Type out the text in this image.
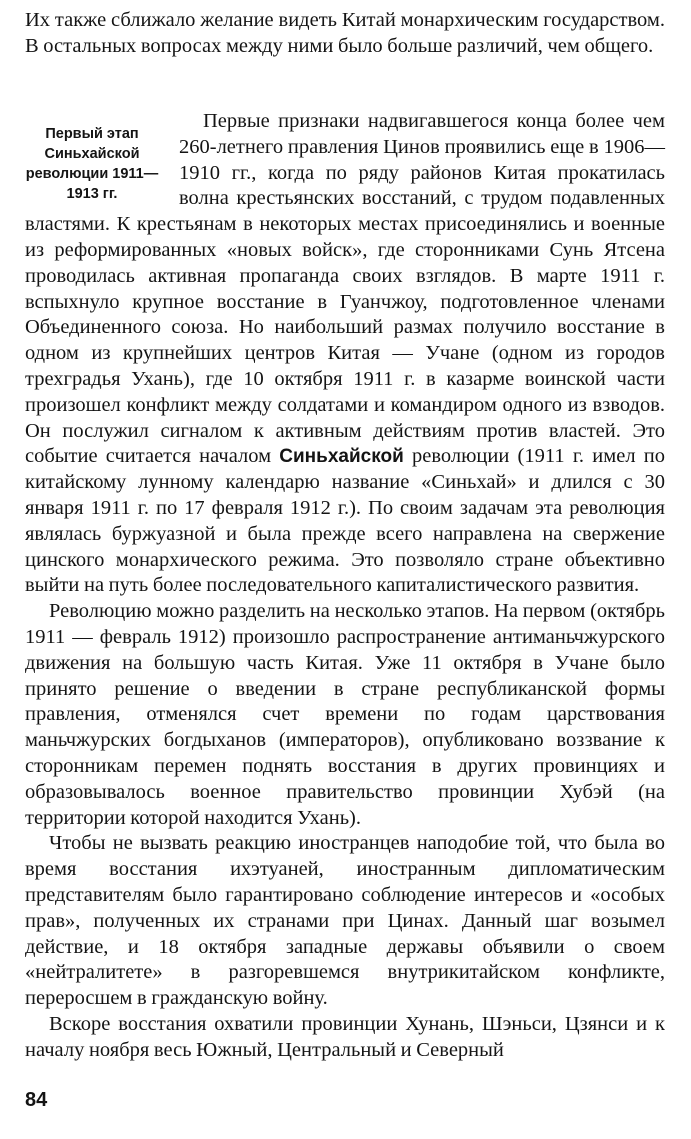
Их также сближало желание видеть Китай монархическим государством. В остальных вопросах между ними было больше различий, чем общего.

Первый этап Синьхайской революции 1911— 1913 гг.
Первые признаки надвигавшегося конца более чем 260-летнего правления Цинов проявились еще в 1906—1910 гг., когда по ряду районов Китая прокатилась волна крестьянских восстаний, с трудом подавленных властями. К крестьянам в некоторых местах присоединялись и военные из реформированных «новых войск», где сторонниками Сунь Ятсена проводилась активная пропаганда своих взглядов. В марте 1911 г. вспыхнуло крупное восстание в Гуанчжоу, подготовленное членами Объединенного союза. Но наибольший размах получило восстание в одном из крупнейших центров Китая — Учане (одном из городов трехградья Ухань), где 10 октября 1911 г. в казарме воинской части произошел конфликт между солдатами и командиром одного из взводов. Он послужил сигналом к активным действиям против властей. Это событие считается началом Синьхайской революции (1911 г. имел по китайскому лунному календарю название «Синьхай» и длился с 30 января 1911 г. по 17 февраля 1912 г.). По своим задачам эта революция являлась буржуазной и была прежде всего направлена на свержение цинского монархического режима. Это позволяло стране объективно выйти на путь более последовательного капиталистического развития.

Революцию можно разделить на несколько этапов. На первом (октябрь 1911 — февраль 1912) произошло распространение антиманьчжурского движения на большую часть Китая. Уже 11 октября в Учане было принято решение о введении в стране республиканской формы правления, отменялся счет времени по годам царствования маньчжурских богдыханов (императоров), опубликовано воззвание к сторонникам перемен поднять восстания в других провинциях и образовывалось военное правительство провинции Хубэй (на территории которой находится Ухань).

Чтобы не вызвать реакцию иностранцев наподобие той, что была во время восстания ихэтуаней, иностранным дипломатическим представителям было гарантировано соблюдение интересов и «особых прав», полученных их странами при Цинах. Данный шаг возымел действие, и 18 октября западные державы объявили о своем «нейтралитете» в разгоревшемся внутрикитайском конфликте, переросшем в гражданскую войну.

Вскоре восстания охватили провинции Хунань, Шэньси, Цзянси и к началу ноября весь Южный, Центральный и Северный

84
